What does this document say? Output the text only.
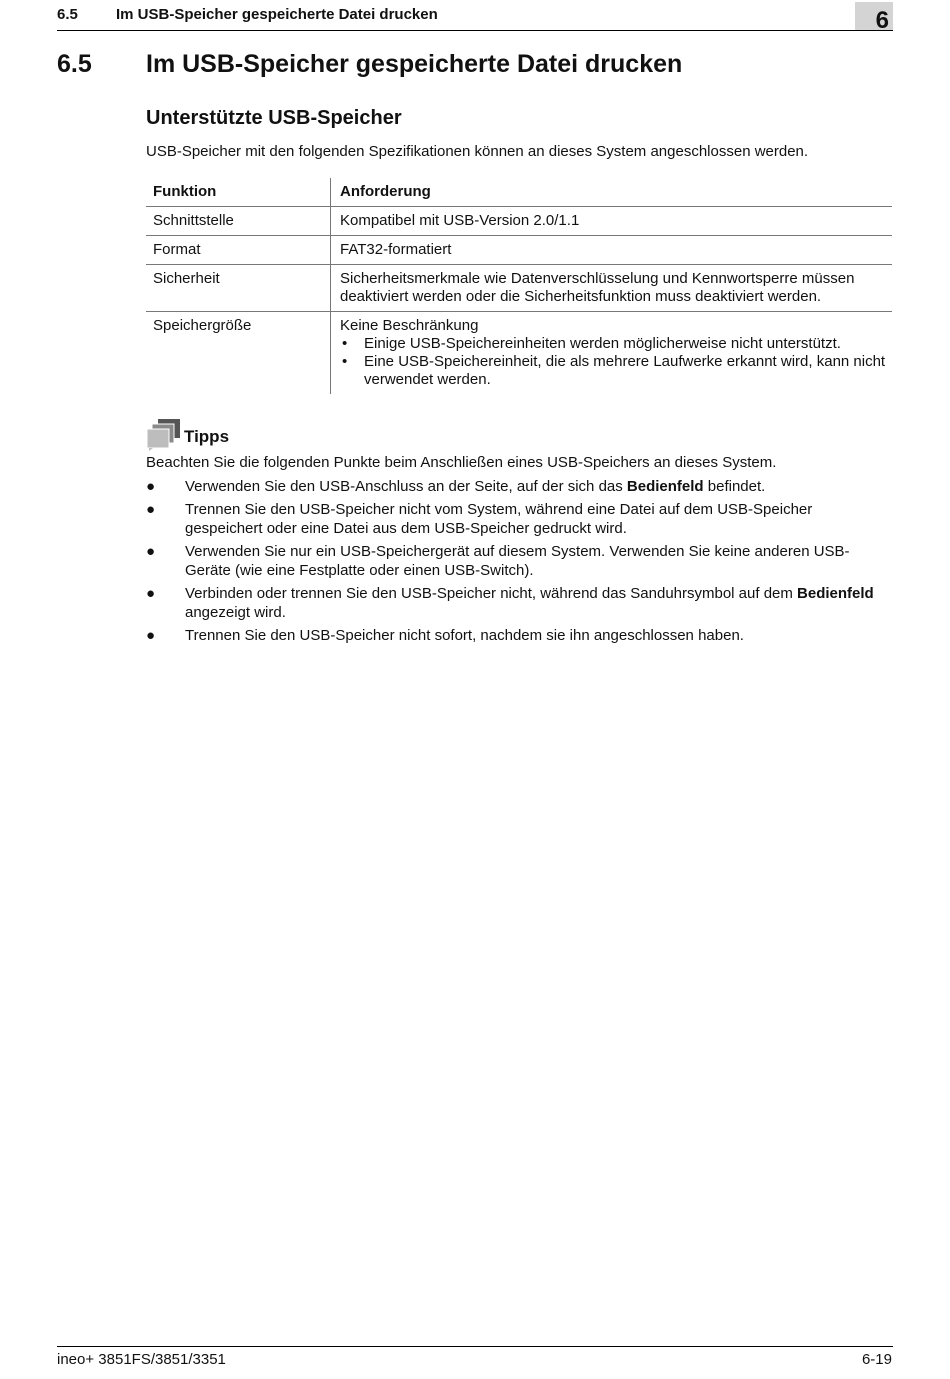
6.5	Im USB-Speicher gespeicherte Datei drucken	6
6.5 Im USB-Speicher gespeicherte Datei drucken
Unterstützte USB-Speicher
USB-Speicher mit den folgenden Spezifikationen können an dieses System angeschlossen werden.
Funktion	Anforderung
Schnittstelle	Kompatibel mit USB-Version 2.0/1.1
Format	FAT32-formatiert
Sicherheit	Sicherheitsmerkmale wie Datenverschlüsselung und Kennwortsperre müssen deaktiviert werden oder die Sicherheitsfunktion muss deaktiviert werden.
Speichergröße	Keine Beschränkung
• Einige USB-Speichereinheiten werden möglicherweise nicht unterstützt.
• Eine USB-Speichereinheit, die als mehrere Laufwerke erkannt wird, kann nicht verwendet werden.
Tipps
Beachten Sie die folgenden Punkte beim Anschließen eines USB-Speichers an dieses System.
● Verwenden Sie den USB-Anschluss an der Seite, auf der sich das Bedienfeld befindet.
● Trennen Sie den USB-Speicher nicht vom System, während eine Datei auf dem USB-Speicher gespeichert oder eine Datei aus dem USB-Speicher gedruckt wird.
● Verwenden Sie nur ein USB-Speichergerät auf diesem System. Verwenden Sie keine anderen USB-Geräte (wie eine Festplatte oder einen USB-Switch).
● Verbinden oder trennen Sie den USB-Speicher nicht, während das Sanduhrsymbol auf dem Bedienfeld angezeigt wird.
● Trennen Sie den USB-Speicher nicht sofort, nachdem sie ihn angeschlossen haben.
ineo+ 3851FS/3851/3351	6-19
